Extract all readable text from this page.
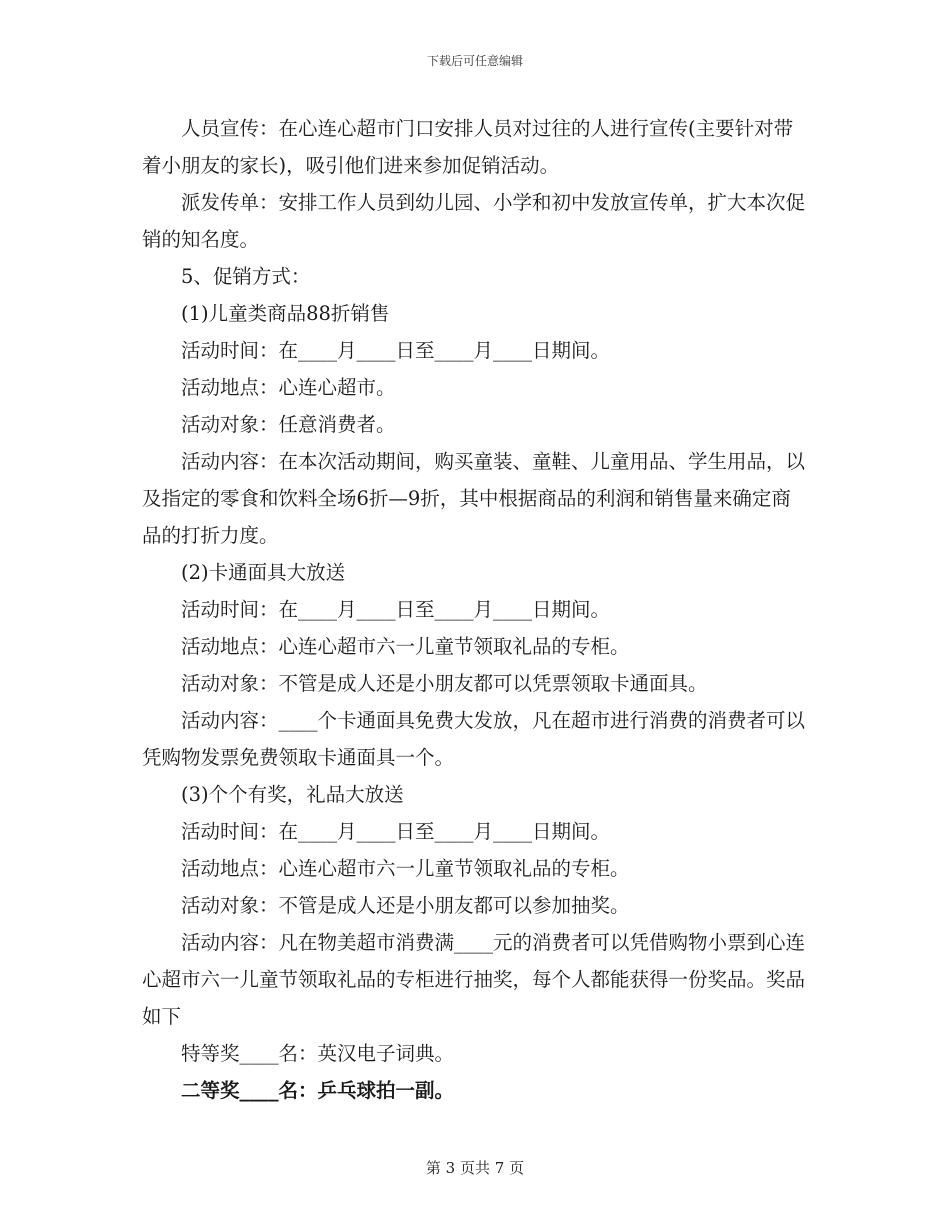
下载后可任意编辑

人员宣传：在心连心超市门口安排人员对过往的人进行宣传(主要针对带着小朋友的家长)，吸引他们进来参加促销活动。

派发传单：安排工作人员到幼儿园、小学和初中发放宣传单，扩大本次促销的知名度。

5、促销方式：

(1)儿童类商品88折销售

活动时间：在____月____日至____月____日期间。

活动地点：心连心超市。

活动对象：任意消费者。

活动内容：在本次活动期间，购买童装、童鞋、儿童用品、学生用品，以及指定的零食和饮料全场6折—9折，其中根据商品的利润和销售量来确定商品的打折力度。

(2)卡通面具大放送

活动时间：在____月____日至____月____日期间。

活动地点：心连心超市六一儿童节领取礼品的专柜。

活动对象：不管是成人还是小朋友都可以凭票领取卡通面具。

活动内容：____个卡通面具免费大发放，凡在超市进行消费的消费者可以凭购物发票免费领取卡通面具一个。

(3)个个有奖，礼品大放送

活动时间：在____月____日至____月____日期间。

活动地点：心连心超市六一儿童节领取礼品的专柜。

活动对象：不管是成人还是小朋友都可以参加抽奖。

活动内容：凡在物美超市消费满____元的消费者可以凭借购物小票到心连心超市六一儿童节领取礼品的专柜进行抽奖，每个人都能获得一份奖品。奖品如下

特等奖____名：英汉电子词典。

二等奖____名：乒乓球拍一副。

第 3 页共 7 页
